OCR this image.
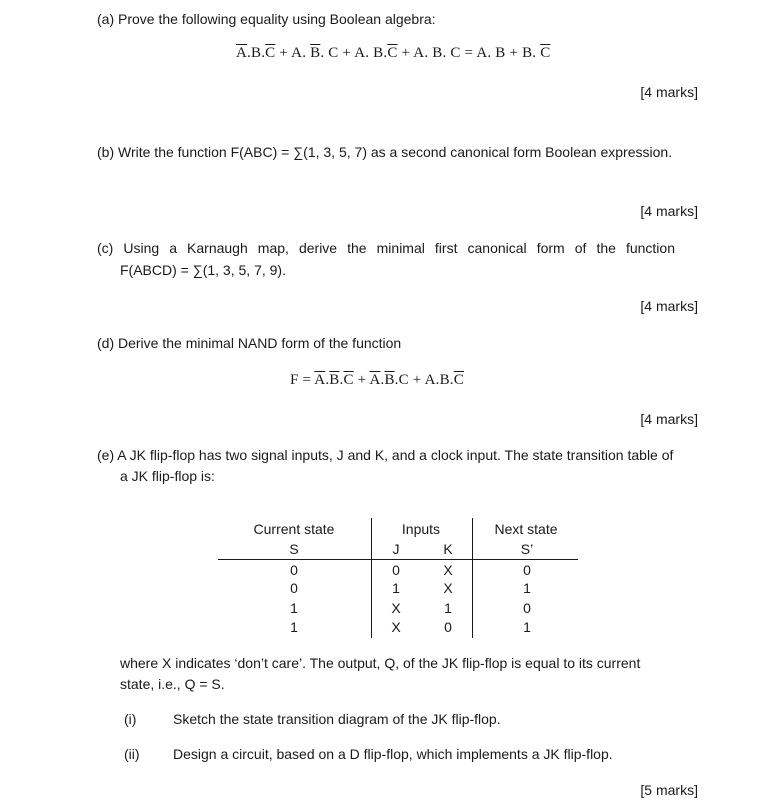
(a) Prove the following equality using Boolean algebra:
$\overline{A}.B.\overline{C} + A$. $\overline{B}$. C + A. $B.\overline{C} + A$. B. C = A. B + B. $\overline{C}$
[4 marks]
(b) Write the function F(ABC) = ∑(1, 3, 5, 7) as a second canonical form Boolean expression.
[4 marks]
(c) Using a Karnaugh map, derive the minimal first canonical form of the function
F(ABCD) = ∑(1, 3, 5, 7, 9).
[4 marks]
(d) Derive the minimal NAND form of the function
$F = \overline{A}.\overline{B}.\overline{C} + \overline{A}.\overline{B}.C + A.B.\overline{C}$
[4 marks]
(e) A JK flip-flop has two signal inputs, J and K, and a clock input. The state transition table of
a JK flip-flop is:
Current state	Inputs	Next state
S	J	K	S’
0	0	X	0
0	1	X	1
1	X	1	0
1	X	0	1
where X indicates ‘don’t care’. The output, Q, of the JK flip-flop is equal to its current
state, i.e., Q = S.
(i)	Sketch the state transition diagram of the JK flip-flop.
(ii) Design a circuit, based on a D flip-flop, which implements a JK flip-flop.
[5 marks]
